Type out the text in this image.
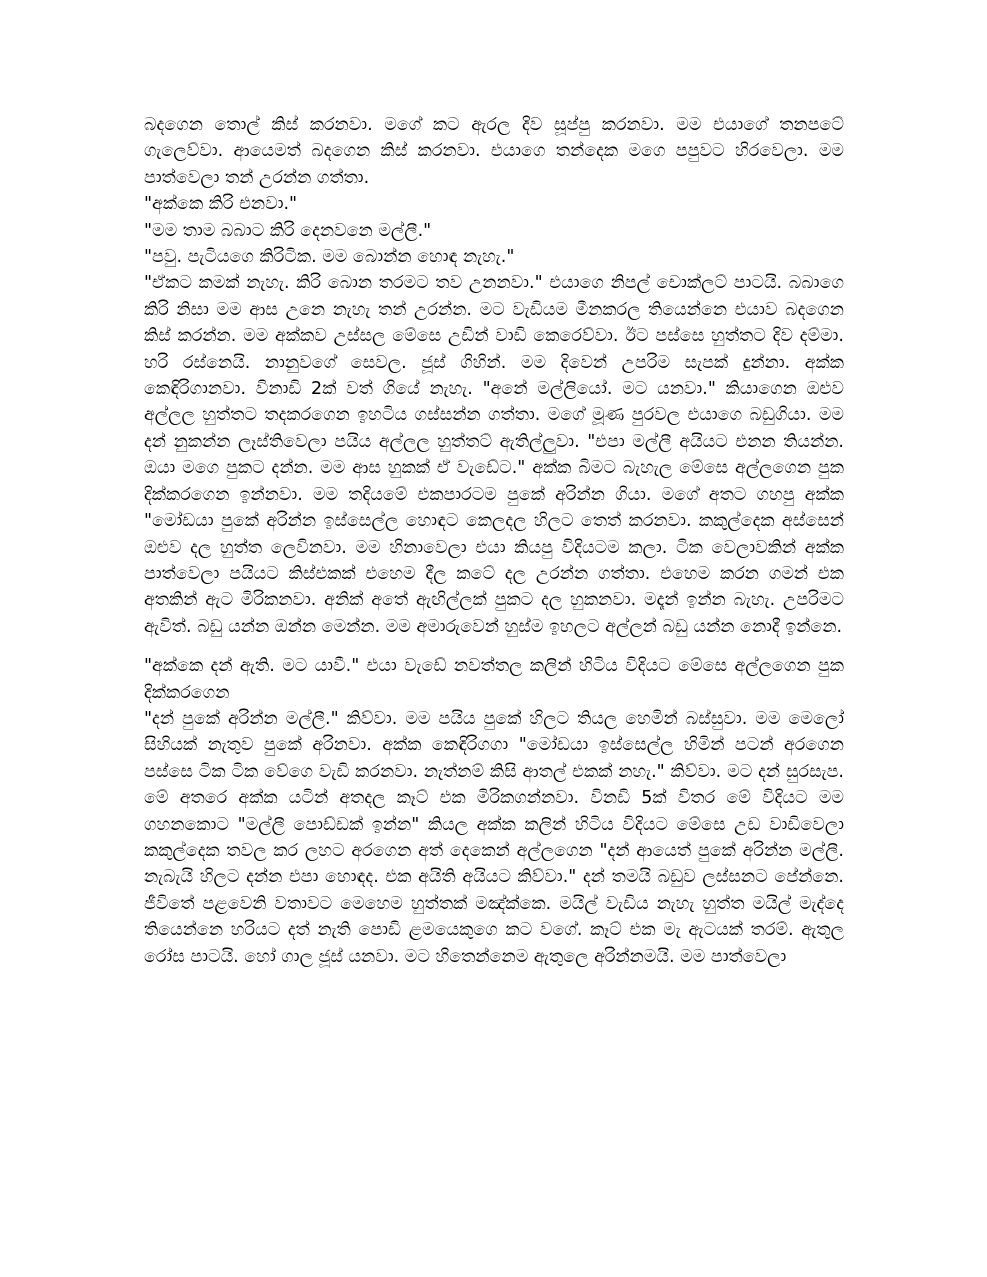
බදගෙන තොල් කිස් කරනවා. මගේ කට ඇරල දිව සූප්පු කරනවා. මම එයාගේ තනපටේ ගැලෙව්වා. ආයෙමත් බදගෙන කිස් කරනවා. එයාගෙ තන්දෙක මගෙ පපුවට හිරවෙලා. මම පාත්වෙලා තන් උරන්න ගත්තා.

"අක්කෙ කිරි එනවා."

"මම තාම බබාට කිරි දෙනවනෙ මල්ලී."

"පවු. පැටියගෙ කිරිටික. මම බොන්න හොඳ නැහැ."

"ඒකට කමක් නැහැ. කිරි බොන තරමට තව උනනවා." එයාගෙ නිපල් චොක්ලට් පාටයි. බබාගෙ කිරි නිසා මම ආස උනෙ නැහැ තන් උරන්න. මට වැඩියම මීනකරල තියෙන්නෙ එයාව බදගෙන කිස් කරන්න. මම අක්කව උස්සල මේසෙ උඩින් වාඩි කෙරෙව්වා. ඊට පස්සෙ හුත්තට දිව දම්මා. හරි රස්නෙයි. නානුවගේ සෙවල. ජූස් ගිහින්. මම දිවෙන් උපරිම සැපක් දුන්නා. අක්ක කෙඳිරිගානවා. විනාඩි 2ක් වත් ගියේ නැහැ. "අනේ මල්ලියෝ. මට යනවා." කියාගෙන ඔළුව අල්ලල හුත්තට තදකරගෙන ඉහටිය ගස්සන්න ගත්තා. මගේ මූණ පුරවල එයාගෙ බඩුගියා. මම දන් නුකන්න ලෑස්තිවෙලා පයිය අල්ලල හුත්තට් ඇතිල්ලුවා. "එපා මල්ලී අයියට එනන තියන්න. ඔයා මගෙ පුකට දන්න. මම ආස හුකක් ඒ වැඩේට." අක්ක බිමට බැහැල මේසෙ අල්ලගෙන පුක දික්කරගෙන ඉන්නවා. මම තදියමේ එකපාරටම පුකේ අරින්න ගියා. මගේ අතට ගහපු අක්ක "මෝඩයා පුකේ අරින්න ඉස්සෙල්ල හොඳට කෙලදල හිලට තෙත් කරනවා. කකුල්දෙක අස්සෙන් ඔළුව දල හුත්ත ලෙවිනවා. මම හිනාවෙලා එයා කියපු විදියටම කලා. ටික වෙලාවකින් අක්ක පාත්වෙලා පයියට කිස්එකක් එහෙම දීල කටේ දල උරන්න ගත්තා. එහෙම කරන ගමන් එක අතකින් ඇට මිරිකනවා. අනික් අතේ ඇඟිල්ලක් පුකට දල හුකනවා. මදෑන් ඉන්න බැහැ. උපරිමට ඇවිත්. බඩු යන්න ඔන්න මෙන්න. මම අමාරුවෙන් හුස්ම ඉහලට අල්ලන් බඩු යන්න නොදී ඉන්නෙ.

"අක්කෙ දන් ඇති. මට යාවී." එයා වැඩේ නවත්තල කලින් හිටිය විදියට මේසෙ අල්ලගෙන පුක දික්කරගෙන

"දන් පුකේ අරින්න මල්ලී." කිව්වා. මම පයිය පුකේ හිලට තියල හෙමින් බස්සුවා. මම මෙලෝ සිහියක් නැතුව පුකේ අරිනවා. අක්ක කෙඳිරිගගා "මෝඩයා ඉස්සෙල්ල හිමින් පටන් අරගෙන පස්සෙ ටික ටික වේගෙ වැඩි කරනවා. නැත්නම් කිසි ආතල් එකක් නහැ." කිව්වා. මට දන් සුරසැප. මේ අතරෙ අක්ක යටින් අතදල කෑට් එක මිරිකගන්නවා. විනඩි 5ක් විතර මේ විදියට මම ගහනකොට "මල්ලී පොඩ්ඩක් ඉන්න" කියල අක්ක කලින් හිටිය විදියට මේසෙ උඩ වාඩිවෙලා කකුල්දෙක තවල කර ලහට අරගෙන අත් දෙකෙන් අල්ලගෙන "දන් ආයෙත් පුකේ අරින්න මල්ලී. නැබැයි හිලට දන්න එපා හොඳද. එක අයිති අයියට කිව්වා." දන් තමයි බඩුව ලස්සනට පේන්නෙ. ජීවිතේ පළවෙනි වතාවට මෙහෙම හුත්තක් මඤ්ක්කෙ. මයිල් වැඩිය නැහැ හුත්ත මයිල් මැද්දෙ තියෙන්නෙ හරියට දත් නැති පොඩි ළමයෙකුගෙ කට වගේ. කෑට් එක මැ ඇටයක් තරම්. ඇතුල රෝස පාටයි. හෝ ගාල ජූස් යනවා. මට හිතෙන්නෙම ඇතුලෙ අරින්නමයි. මම පාත්වෙලා
